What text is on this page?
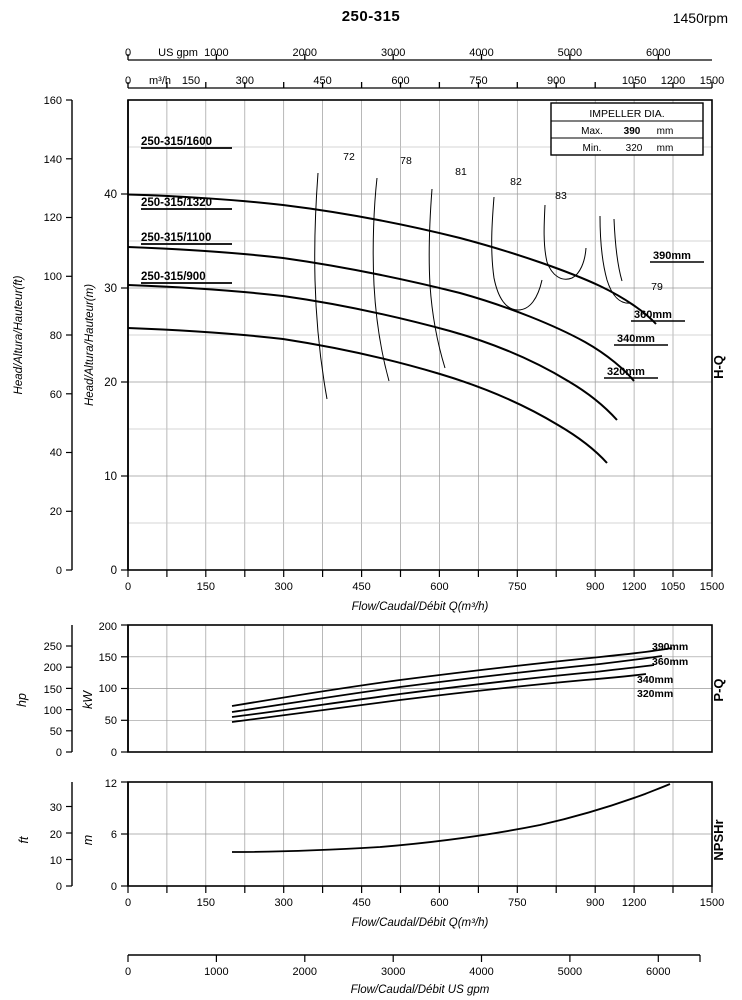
250-315	1450rpm
0 US gpm 1000	2000	3000	4000	5000	6000
0 m³/h 150	300	450	600	750	900	1050 1200 1500
0
20
40
60
80
100
120
140
160
Head/Altura/Hauteur(ft)
0
10
20
30
40
Head/Altura/Hauteur(m)
0	150	300	450	600	750	900	1050
1200	1500
Flow/Caudal/Débit Q(m³/h)
IMPELLER DIA.
Max. 390 mm
Min. 320 mm
72	78
81
82
83
79
250-315/1600
250-315/1320
250-315/1100
250-315/900
390mm
360mm
340mm
320mm	H-Q
0
50
100
150
200
250
hp
0
50
100
150
200
kW
390mm
360mm
340mm
320mm	P-Q
0
10
20
30
ft
0
6
12
m
0	150	300	450	600	750	900 1200	1500
Flow/Caudal/Débit Q(m³/h)
NPSHr
0	1000	2000	3000	4000	5000	6000
Flow/Caudal/Débit US gpm
